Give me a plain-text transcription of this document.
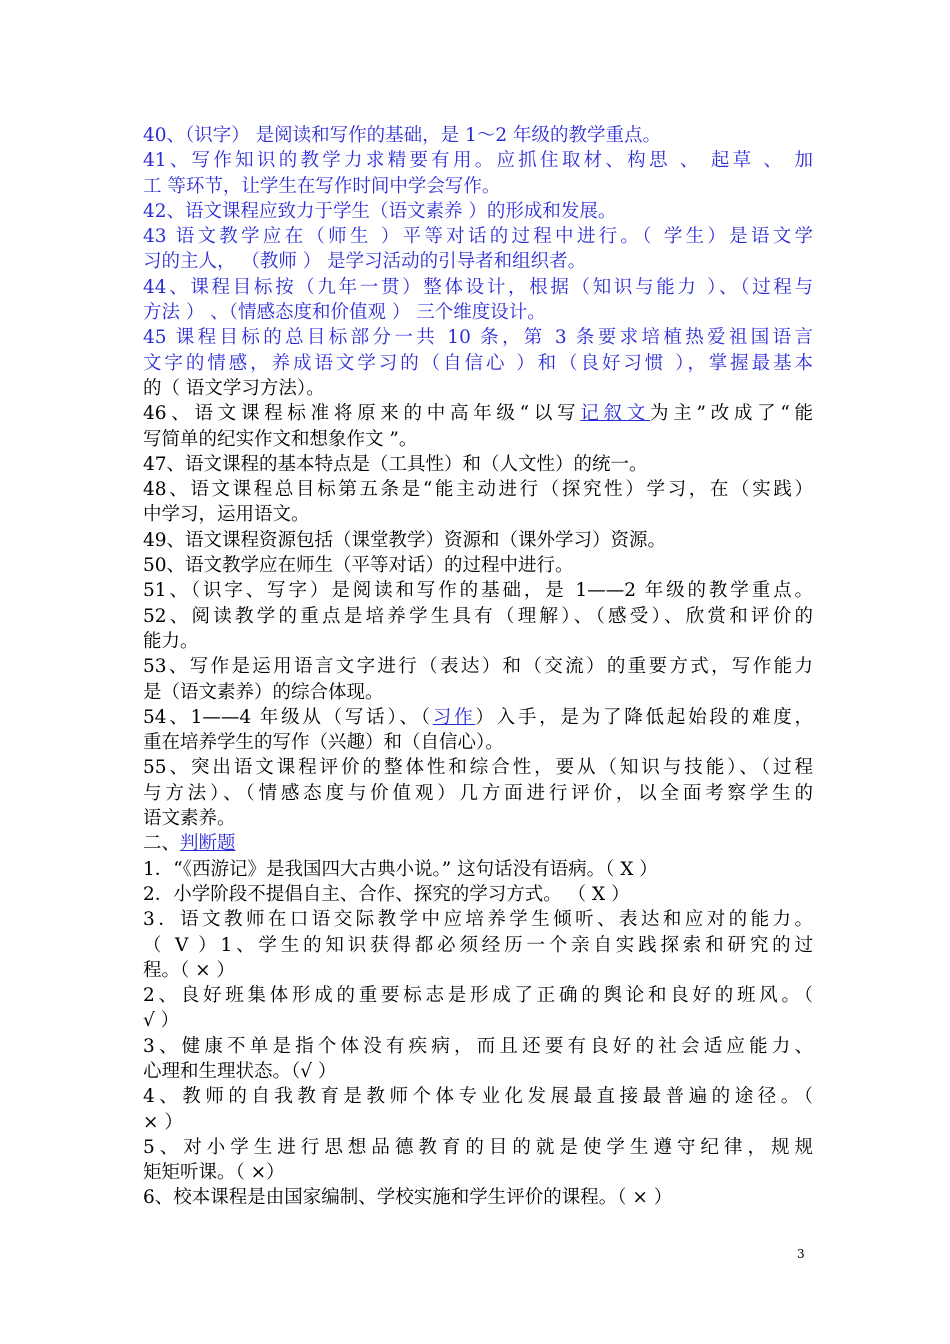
40、（识字） 是阅读和写作的基础，是 1～2 年级的教学重点。
41、写作知识的教学力求精要有用。应抓住取材、构思 、 起草 、 加
工 等环节，让学生在写作时间中学会写作。
42、语文课程应致力于学生（语文素养 ）的形成和发展。
43 语文教学应在（师生 ）平等对话的过程中进行。（ 学生）是语文学
习的主人， （教师 ） 是学习活动的引导者和组织者。
44、课程目标按（九年一贯）整体设计，根据（知识与能力 ）、（过程与
方法 ） 、（情感态度和价值观 ） 三个维度设计。
45 课程目标的总目标部分一共 10 条，第 3 条要求培植热爱祖国语言
文字的情感，养成语文学习的（自信心 ）和（良好习惯 ），掌握最基本
的（ 语文学习方法）。
46、语文课程标准将原来的中高年级“以写记叙文为主”改成了“能
写简单的纪实作文和想象作文 ”。
47、语文课程的基本特点是（工具性）和（人文性）的统一。
48、语文课程总目标第五条是“能主动进行（探究性）学习，在（实践）
中学习，运用语文。
49、语文课程资源包括（课堂教学）资源和（课外学习）资源。
50、语文教学应在师生（平等对话）的过程中进行。
51、（识字、写字）是阅读和写作的基础，是 1——2 年级的教学重点。
52、阅读教学的重点是培养学生具有（理解）、（感受）、欣赏和评价的
能力。
53、写作是运用语言文字进行（表达）和（交流）的重要方式，写作能力
是（语文素养）的综合体现。
54、1——4 年级从（写话）、（习作）入手，是为了降低起始段的难度，
重在培养学生的写作（兴趣）和（自信心）。
55、突出语文课程评价的整体性和综合性，要从（知识与技能）、（过程
与方法）、（情感态度与价值观）几方面进行评价，以全面考察学生的
语文素养。
二、判断题
1．“《西游记》是我国四大古典小说。” 这句话没有语病。（ X ）
2．小学阶段不提倡自主、合作、探究的学习方式。 （ X ）
3．语文教师在口语交际教学中应培养学生倾听、表达和应对的能力。
（ V ）1、学生的知识获得都必须经历一个亲自实践探索和研究的过
程。（ × ）
2、良好班集体形成的重要标志是形成了正确的舆论和良好的班风。（
√ ）
3、健康不单是指个体没有疾病，而且还要有良好的社会适应能力、
心理和生理状态。（√ ）
4、教师的自我教育是教师个体专业化发展最直接最普遍的途径。（
× ）
5、对小学生进行思想品德教育的目的就是使学生遵守纪律，规规
矩矩听课。（ ×）
6、校本课程是由国家编制、学校实施和学生评价的课程。（ × ）
3
